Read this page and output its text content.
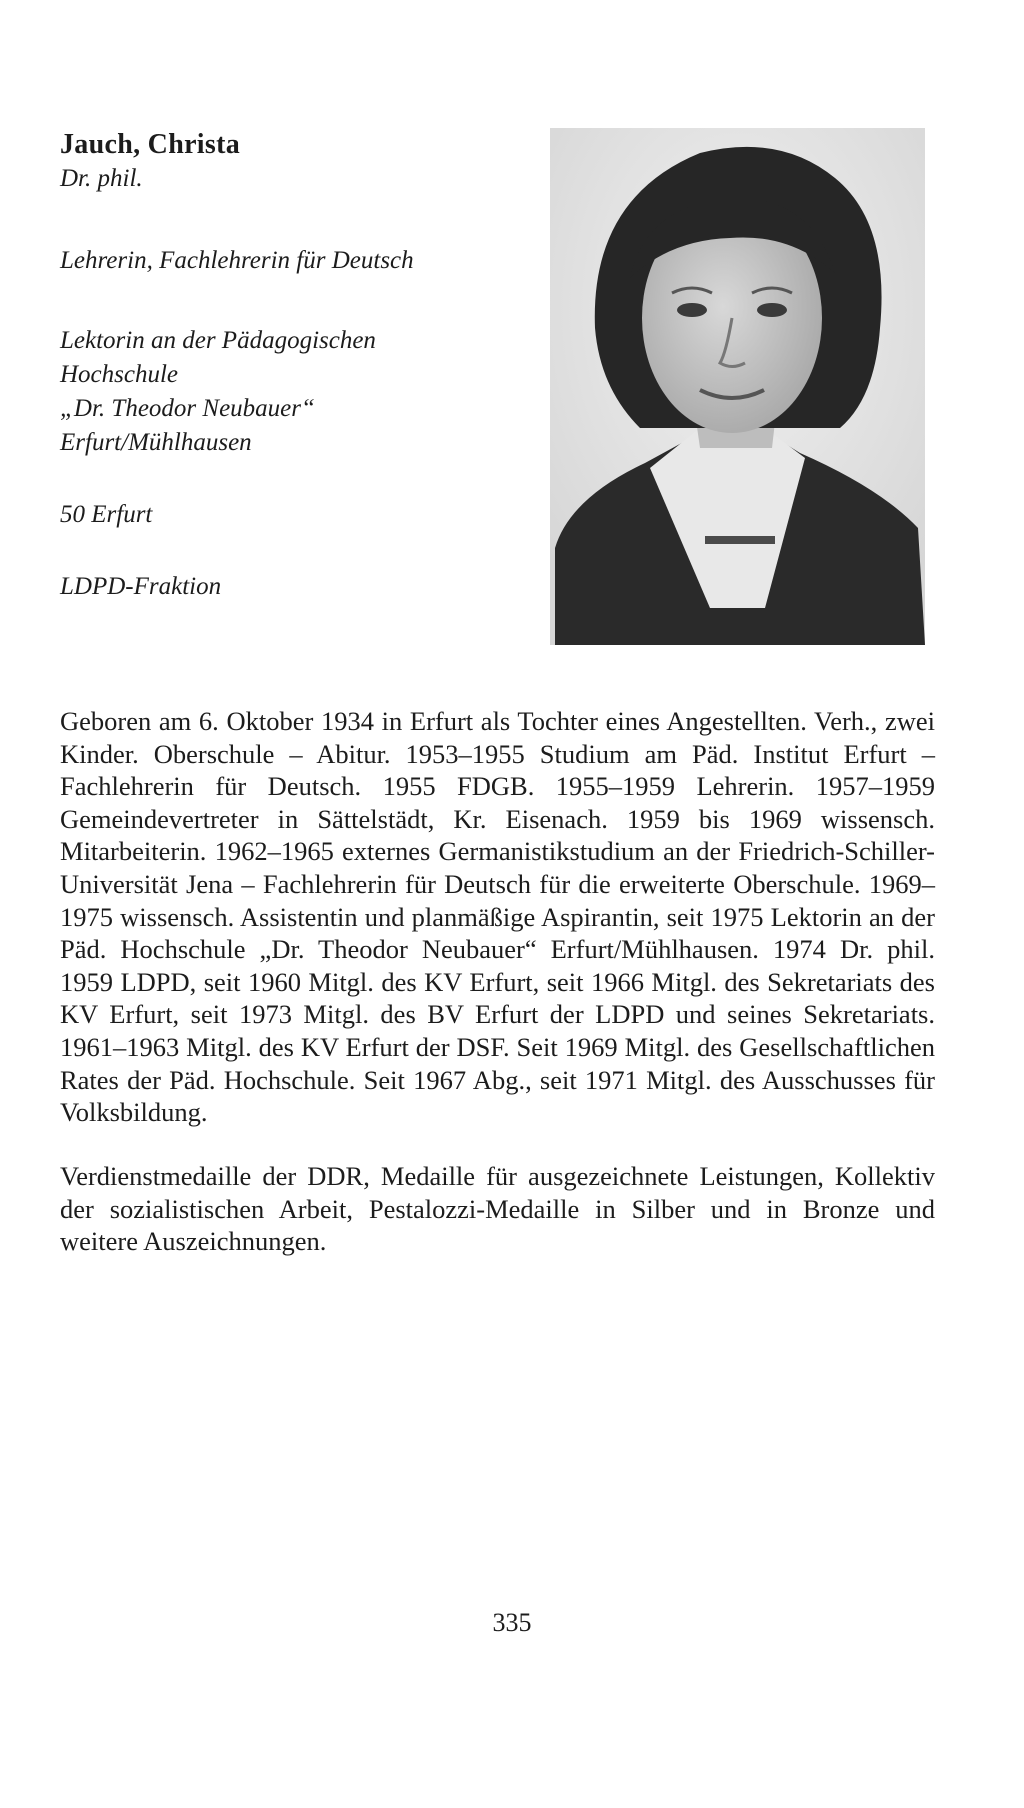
Jauch, Christa

Dr. phil.

Lehrerin, Fachlehrerin für Deutsch

Lektorin an der Pädagogischen

Hochschule

„Dr. Theodor Neubauer“

Erfurt/Mühlhausen

50 Erfurt

LDPD-Fraktion

Geboren am 6. Oktober 1934 in Erfurt als Tochter eines Angestellten. Verh., zwei Kinder. Oberschule – Abitur. 1953–1955 Studium am Päd. Institut Erfurt – Fachlehrerin für Deutsch. 1955 FDGB. 1955–1959 Lehrerin. 1957–1959 Gemeindevertreter in Sättelstädt, Kr. Eisenach. 1959 bis 1969 wissensch. Mitarbeiterin. 1962–1965 externes Germanistikstudium an der Friedrich-Schiller-Universität Jena – Fachlehrerin für Deutsch für die erweiterte Oberschule. 1969–1975 wissensch. Assistentin und planmäßige Aspirantin, seit 1975 Lektorin an der Päd. Hochschule „Dr. Theodor Neubauer“ Erfurt/Mühlhausen. 1974 Dr. phil. 1959 LDPD, seit 1960 Mitgl. des KV Erfurt, seit 1966 Mitgl. des Sekretariats des KV Erfurt, seit 1973 Mitgl. des BV Erfurt der LDPD und seines Sekretariats. 1961–1963 Mitgl. des KV Erfurt der DSF. Seit 1969 Mitgl. des Gesellschaftlichen Rates der Päd. Hochschule. Seit 1967 Abg., seit 1971 Mitgl. des Ausschusses für Volksbildung.

Verdienstmedaille der DDR, Medaille für ausgezeichnete Leistungen, Kollektiv der sozialistischen Arbeit, Pestalozzi-Medaille in Silber und in Bronze und weitere Auszeichnungen.

335
